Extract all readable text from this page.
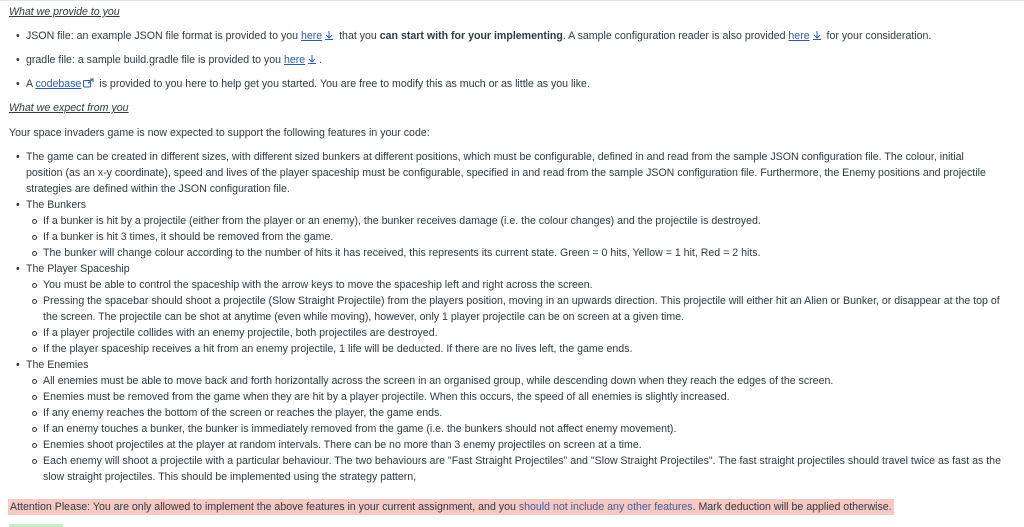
What we provide to you

• JSON file: an example JSON file format is provided to you here that you can start with for your implementing. A sample configuration reader is also provided here for your consideration.
• gradle file: a sample build.gradle file is provided to you here .
• A codebase is provided to you here to help get you started. You are free to modify this as much or as little as you like.

What we expect from you

Your space invaders game is now expected to support the following features in your code:

• The game can be created in different sizes, with different sized bunkers at different positions, which must be configurable, defined in and read from the sample JSON configuration file. The colour, initial
position (as an x-y coordinate), speed and lives of the player spaceship must be configurable, specified in and read from the sample JSON configuration file. Furthermore, the Enemy positions and projectile
strategies are defined within the JSON configuration file.
• The Bunkers
If a bunker is hit by a projectile (either from the player or an enemy), the bunker receives damage (i.e. the colour changes) and the projectile is destroyed.
If a bunker is hit 3 times, it should be removed from the game.
The bunker will change colour according to the number of hits it has received, this represents its current state. Green = 0 hits, Yellow = 1 hit, Red = 2 hits.
• The Player Spaceship
You must be able to control the spaceship with the arrow keys to move the spaceship left and right across the screen.
Pressing the spacebar should shoot a projectile (Slow Straight Projectile) from the players position, moving in an upwards direction. This projectile will either hit an Alien or Bunker, or disappear at the top of
the screen. The projectile can be shot at anytime (even while moving), however, only 1 player projectile can be on screen at a given time.
If a player projectile collides with an enemy projectile, both projectiles are destroyed.
If the player spaceship receives a hit from an enemy projectile, 1 life will be deducted. If there are no lives left, the game ends.
• The Enemies
All enemies must be able to move back and forth horizontally across the screen in an organised group, while descending down when they reach the edges of the screen.
Enemies must be removed from the game when they are hit by a player projectile. When this occurs, the speed of all enemies is slightly increased.
If any enemy reaches the bottom of the screen or reaches the player, the game ends.
If an enemy touches a bunker, the bunker is immediately removed from the game (i.e. the bunkers should not affect enemy movement).
Enemies shoot projectiles at the player at random intervals. There can be no more than 3 enemy projectiles on screen at a time.
Each enemy will shoot a projectile with a particular behaviour. The two behaviours are "Fast Straight Projectiles" and "Slow Straight Projectiles". The fast straight projectiles should travel twice as fast as the
slow straight projectiles. This should be implemented using the strategy pattern,
Attention Please: You are only allowed to implement the above features in your current assignment, and you should not include any other features. Mark deduction will be applied otherwise.
